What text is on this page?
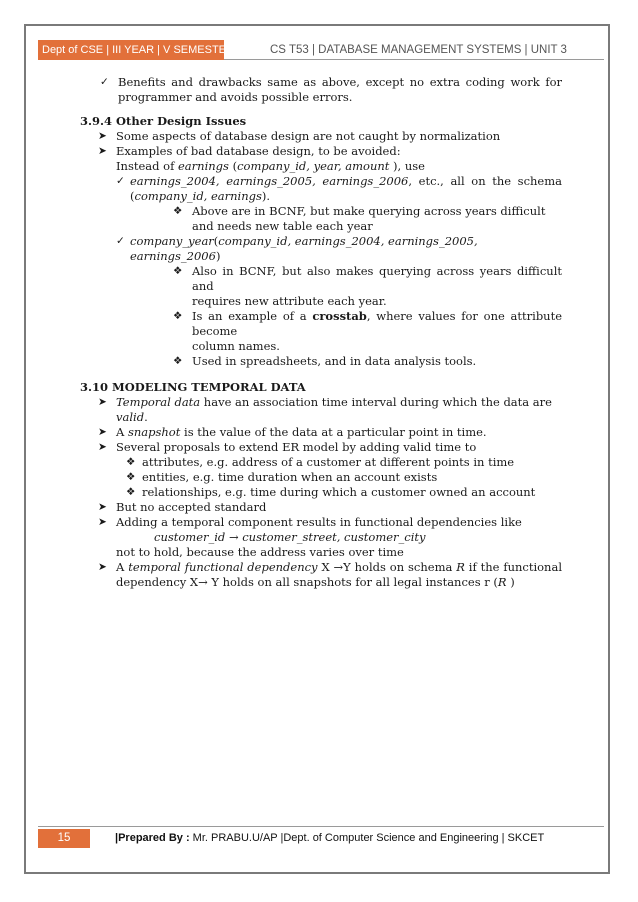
Dept of CSE | III YEAR | V SEMESTER	CS T53 | DATABASE MANAGEMENT SYSTEMS | UNIT 3
✓ Benefits and drawbacks same as above, except no extra coding work for
programmer and avoids possible errors.
3.9.4 Other Design Issues
➤ Some aspects of database design are not caught by normalization
➤ Examples of bad database design, to be avoided:
Instead of earnings (company_id, year, amount ), use
✓ earnings_2004, earnings_2005, earnings_2006, etc., all on the schema
(company_id, earnings).
❖ Above are in BCNF, but make querying across years difficult
and needs new table each year
✓ company_year(company_id, earnings_2004, earnings_2005, earnings_2006)
❖ Also in BCNF, but also makes querying across years difficult and
requires new attribute each year.
❖ Is an example of a crosstab, where values for one attribute become
column names.
❖ Used in spreadsheets, and in data analysis tools.
3.10 MODELING TEMPORAL DATA
➤ Temporal data have an association time interval during which the data are valid.
➤ A snapshot is the value of the data at a particular point in time.
➤ Several proposals to extend ER model by adding valid time to
❖ attributes, e.g. address of a customer at different points in time
❖ entities, e.g. time duration when an account exists
❖ relationships, e.g. time during which a customer owned an account
➤ But no accepted standard
➤ Adding a temporal component results in functional dependencies like
customer_id → customer_street, customer_city
not to hold, because the address varies over time
➤ A temporal functional dependency X →Y holds on schema R if the functional
dependency X→ Y holds on all snapshots for all legal instances r (R )
15	|Prepared By : Mr. PRABU.U/AP |Dept. of Computer Science and Engineering | SKCET
